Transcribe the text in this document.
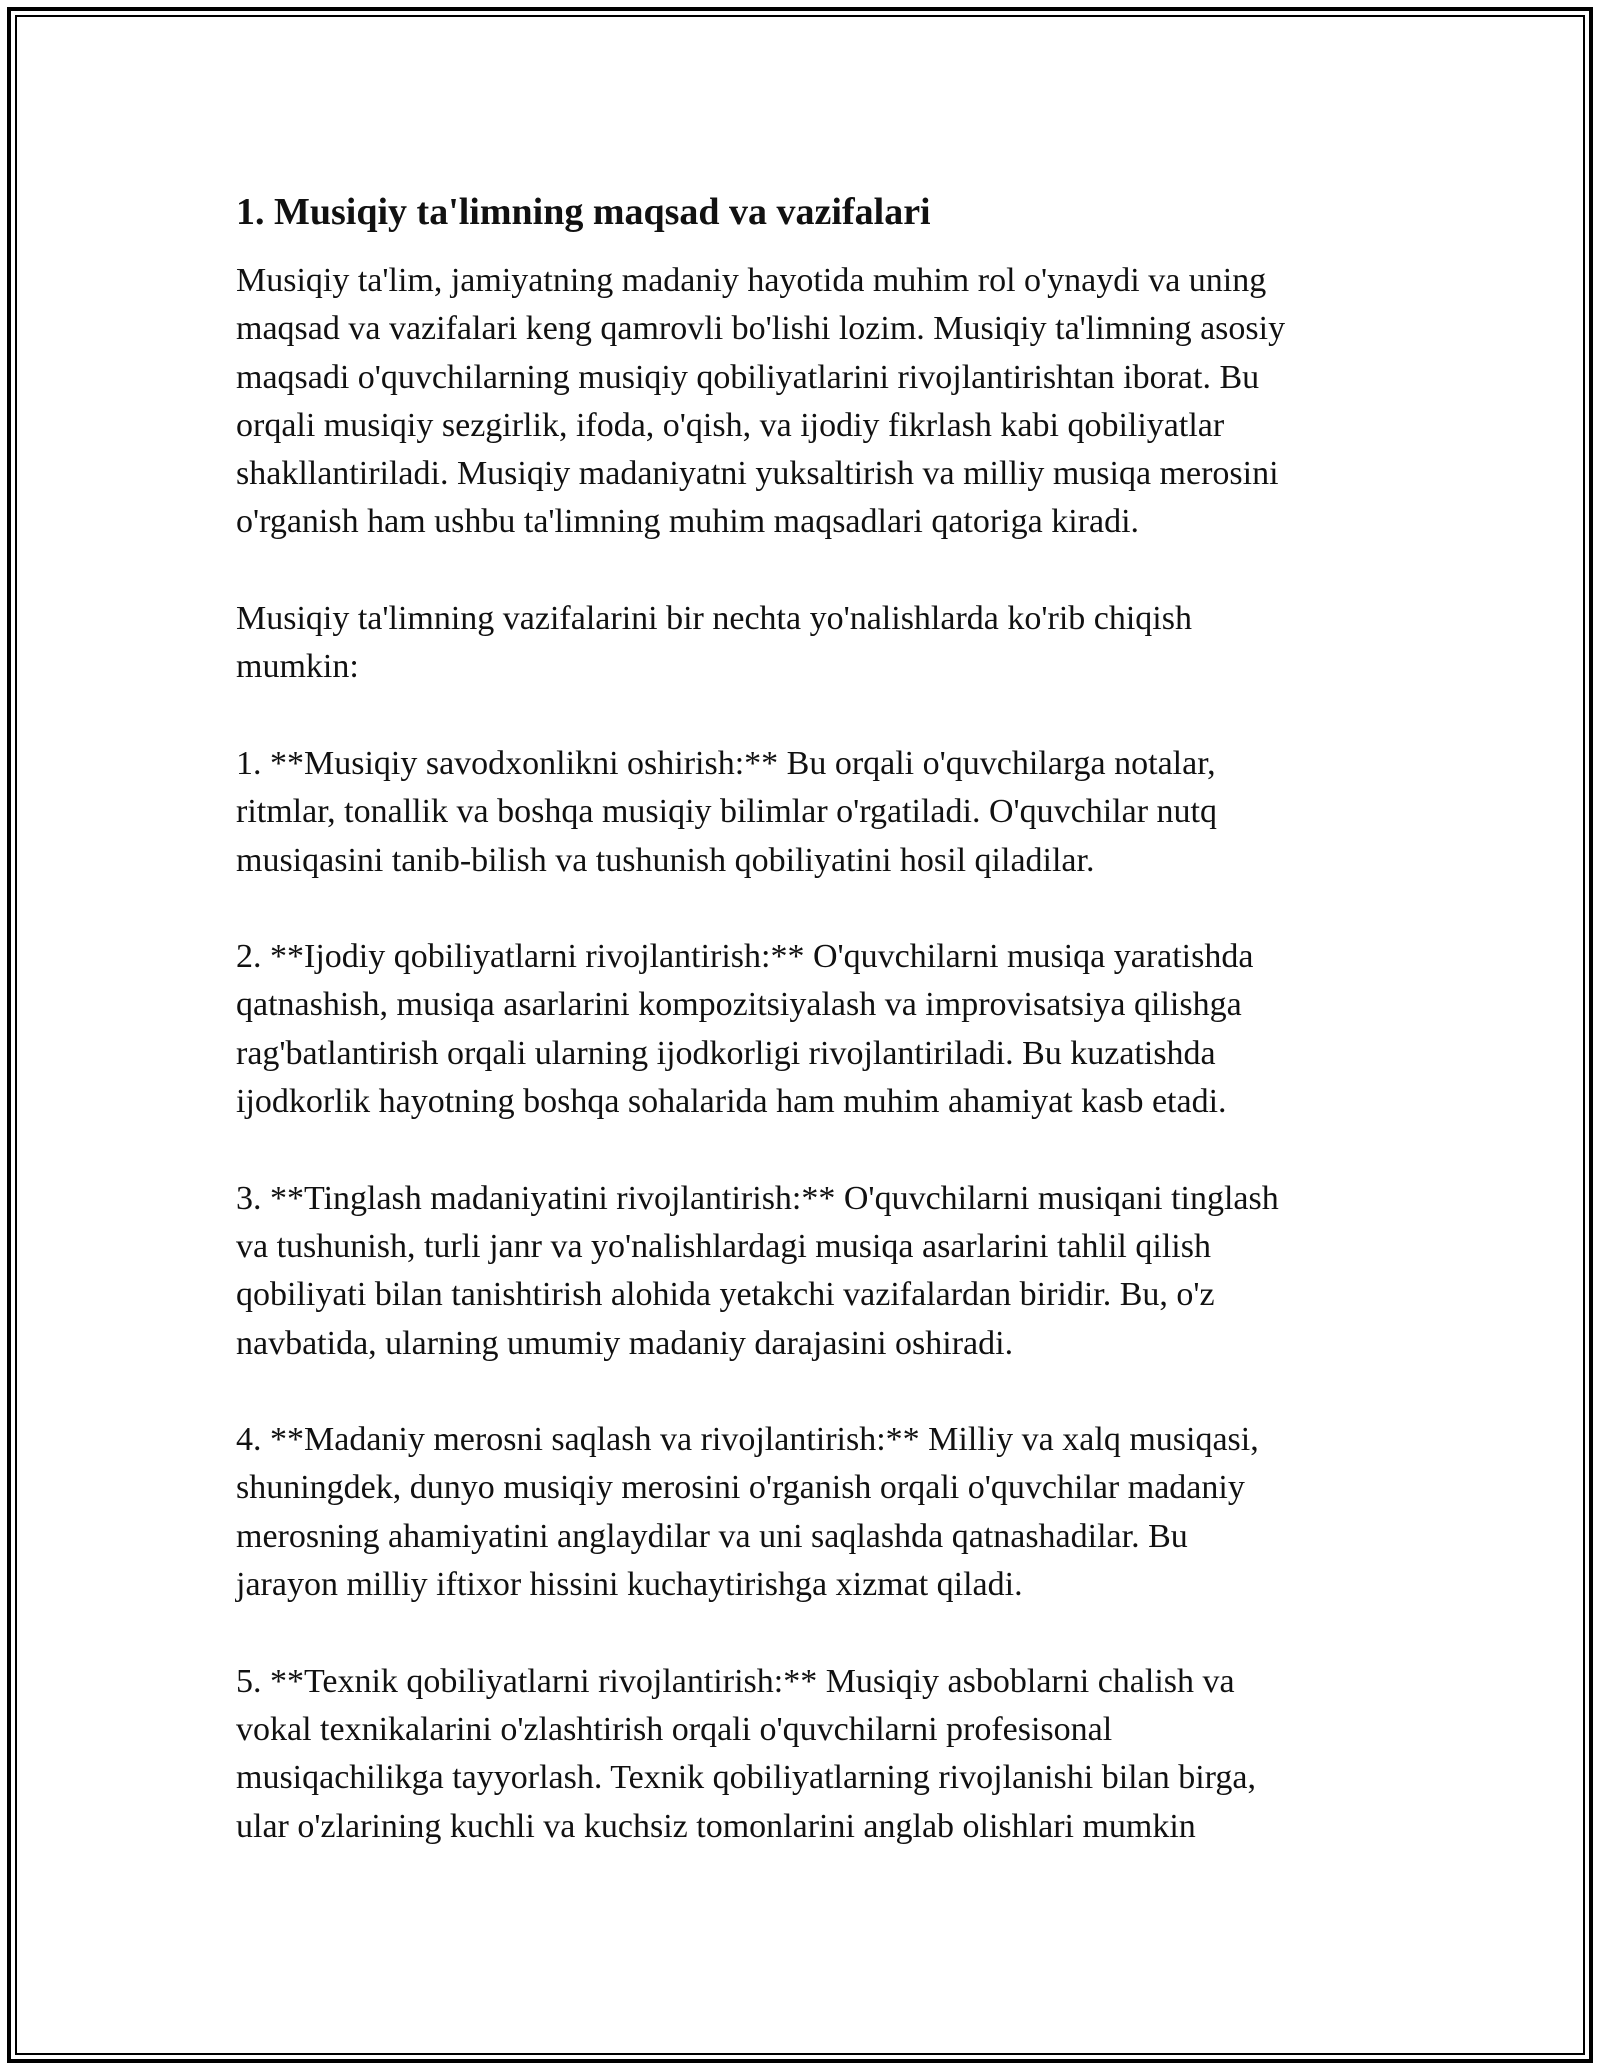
1. Musiqiy ta'limning maqsad va vazifalari

Musiqiy ta'lim, jamiyatning madaniy hayotida muhim rol o'ynaydi va uning
maqsad va vazifalari keng qamrovli bo'lishi lozim. Musiqiy ta'limning asosiy
maqsadi o'quvchilarning musiqiy qobiliyatlarini rivojlantirishtan iborat. Bu
orqali musiqiy sezgirlik, ifoda, o'qish, va ijodiy fikrlash kabi qobiliyatlar
shakllantiriladi. Musiqiy madaniyatni yuksaltirish va milliy musiqa merosini
o'rganish ham ushbu ta'limning muhim maqsadlari qatoriga kiradi.

Musiqiy ta'limning vazifalarini bir nechta yo'nalishlarda ko'rib chiqish
mumkin:

1. **Musiqiy savodxonlikni oshirish:** Bu orqali o'quvchilarga notalar,
ritmlar, tonallik va boshqa musiqiy bilimlar o'rgatiladi. O'quvchilar nutq
musiqasini tanib-bilish va tushunish qobiliyatini hosil qiladilar.

2. **Ijodiy qobiliyatlarni rivojlantirish:** O'quvchilarni musiqa yaratishda
qatnashish, musiqa asarlarini kompozitsiyalash va improvisatsiya qilishga
rag'batlantirish orqali ularning ijodkorligi rivojlantiriladi. Bu kuzatishda
ijodkorlik hayotning boshqa sohalarida ham muhim ahamiyat kasb etadi.

3. **Tinglash madaniyatini rivojlantirish:** O'quvchilarni musiqani tinglash
va tushunish, turli janr va yo'nalishlardagi musiqa asarlarini tahlil qilish
qobiliyati bilan tanishtirish alohida yetakchi vazifalardan biridir. Bu, o'z
navbatida, ularning umumiy madaniy darajasini oshiradi.

4. **Madaniy merosni saqlash va rivojlantirish:** Milliy va xalq musiqasi,
shuningdek, dunyo musiqiy merosini o'rganish orqali o'quvchilar madaniy
merosning ahamiyatini anglaydilar va uni saqlashda qatnashadilar. Bu
jarayon milliy iftixor hissini kuchaytirishga xizmat qiladi.

5. **Texnik qobiliyatlarni rivojlantirish:** Musiqiy asboblarni chalish va
vokal texnikalarini o'zlashtirish orqali o'quvchilarni profesisonal
musiqachilikga tayyorlash. Texnik qobiliyatlarning rivojlanishi bilan birga,
ular o'zlarining kuchli va kuchsiz tomonlarini anglab olishlari mumkin
